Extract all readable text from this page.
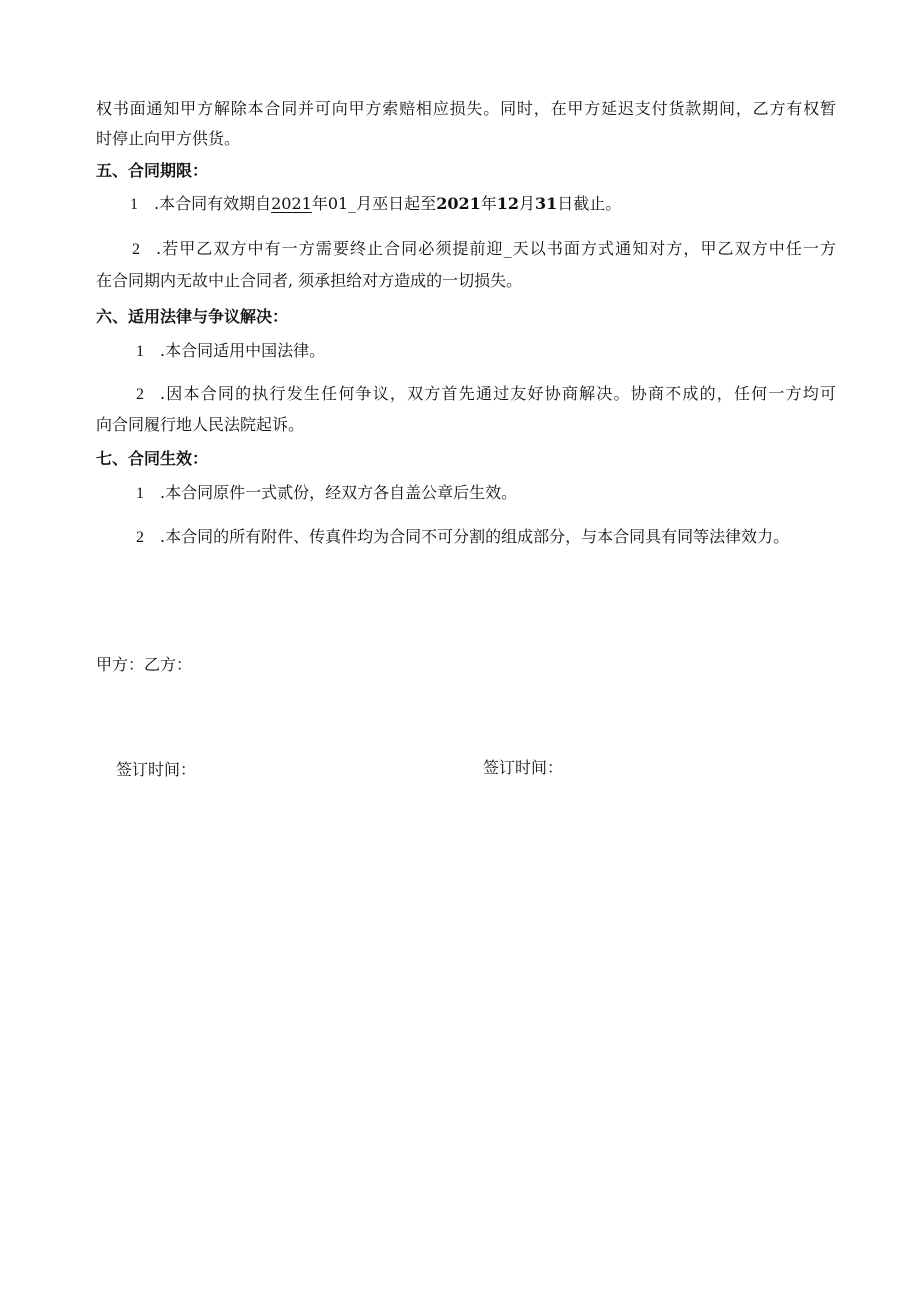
权书面通知甲方解除本合同并可向甲方索赔相应损失。同时，在甲方延迟支付货款期间，乙方有权暂
时停止向甲方供货。
五、合同期限：
1 .本合同有效期自2021年01_月巫日起至2021年12月31日截止。
2 .若甲乙双方中有一方需要终止合同必须提前迎_天以书面方式通知对方，甲乙双方中任一方
在合同期内无故中止合同者, 须承担给对方造成的一切损失。
六、适用法律与争议解决：
1 .本合同适用中国法律。
2 .因本合同的执行发生任何争议，双方首先通过友好协商解决。协商不成的，任何一方均可
向合同履行地人民法院起诉。
七、合同生效：
1 .本合同原件一式贰份，经双方各自盖公章后生效。
2 .本合同的所有附件、传真件均为合同不可分割的组成部分，与本合同具有同等法律效力。
甲方：乙方：
签订时间：	签订时间：
